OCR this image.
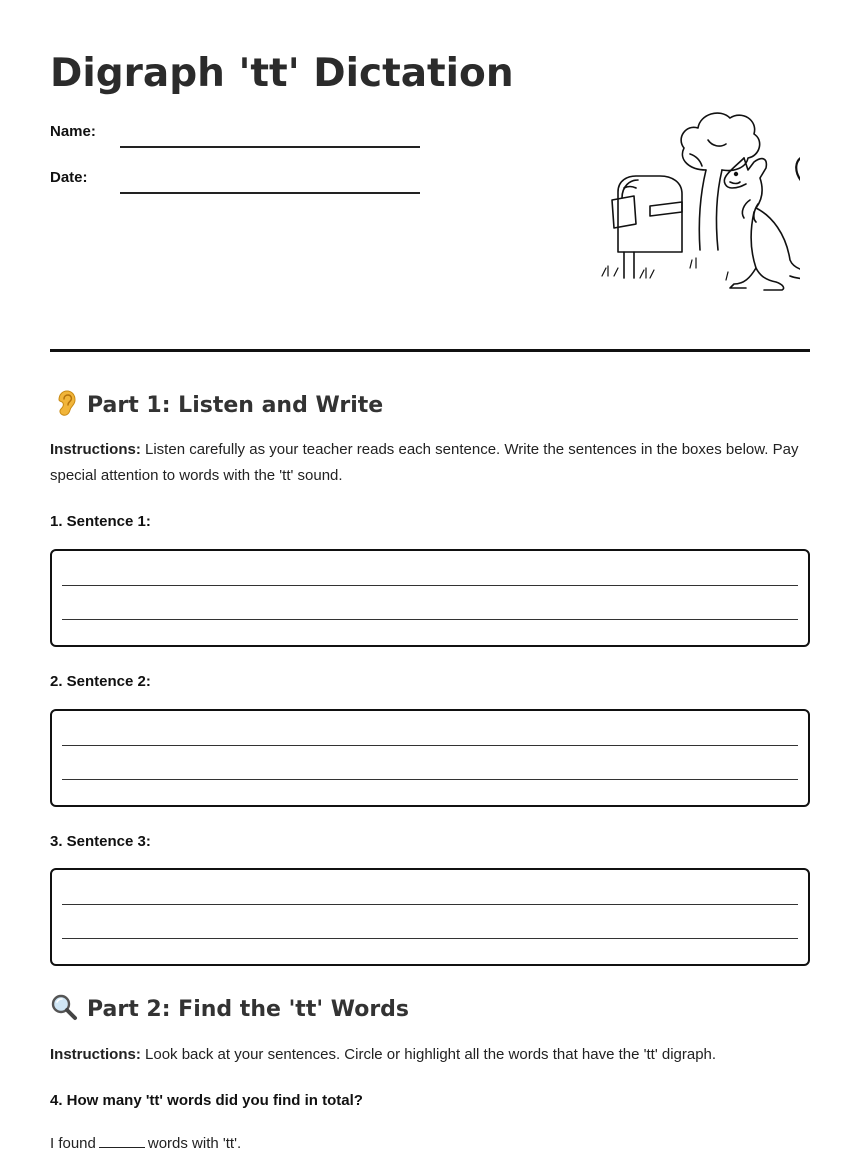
Digraph 'tt' Dictation
Name:
Date:
Part 1: Listen and Write

Instructions: Listen carefully as your teacher reads each sentence. Write the sentences in the boxes below. Pay special attention to words with the 'tt' sound.

1. Sentence 1:

2. Sentence 2:

3. Sentence 3:

Part 2: Find the 'tt' Words

Instructions: Look back at your sentences. Circle or highlight all the words that have the 'tt' digraph.

4. How many 'tt' words did you find in total?

I found	words with 'tt'.
